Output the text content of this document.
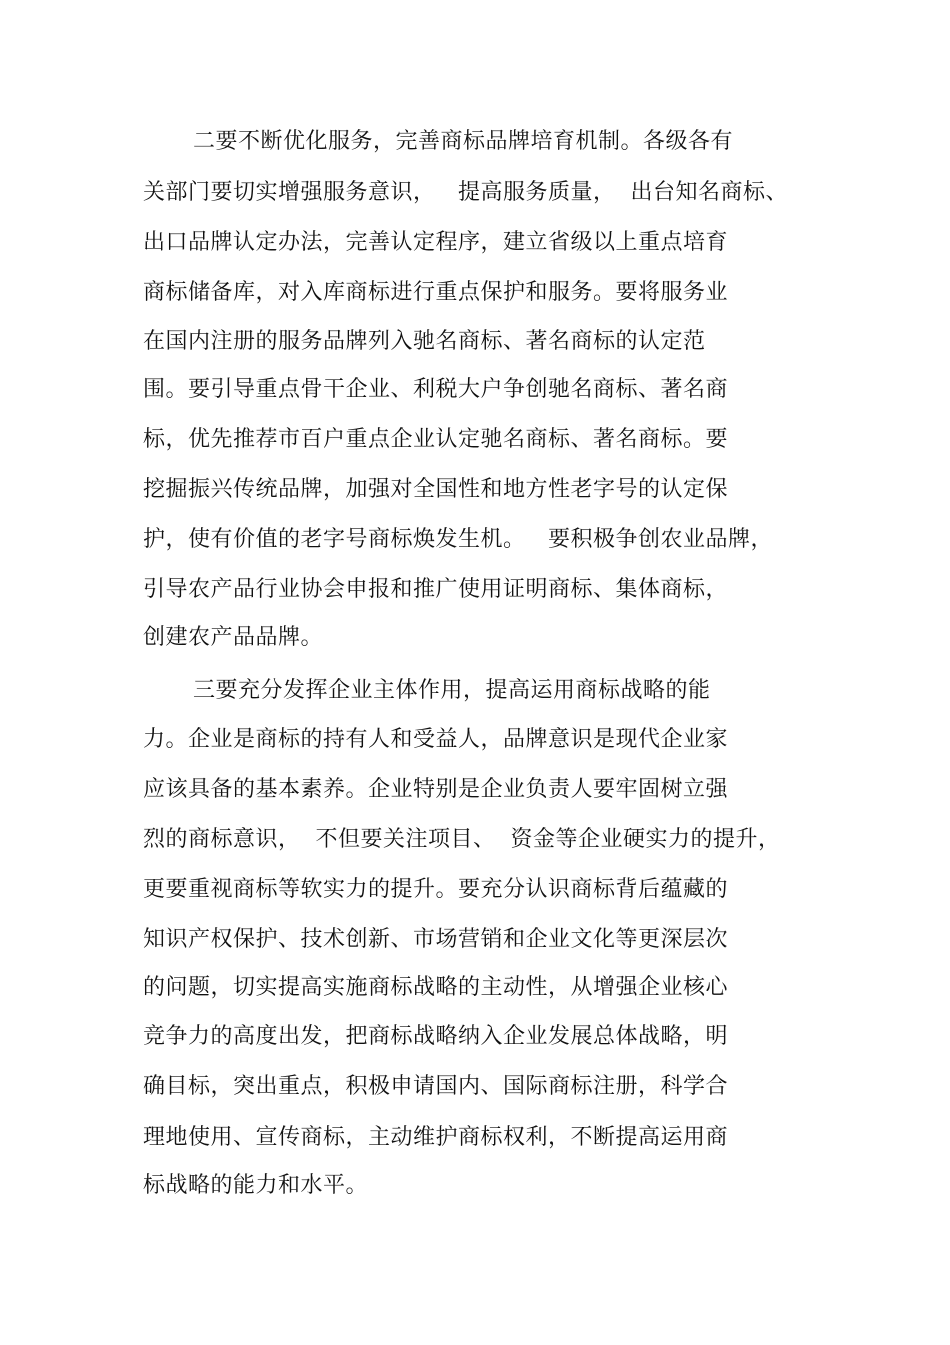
二要不断优化服务，完善商标品牌培育机制。各级各有
关部门要切实增强服务意识，   提高服务质量，  出台知名商标、
出口品牌认定办法，完善认定程序，建立省级以上重点培育
商标储备库，对入库商标进行重点保护和服务。要将服务业
在国内注册的服务品牌列入驰名商标、著名商标的认定范
围。要引导重点骨干企业、利税大户争创驰名商标、著名商
标，优先推荐市百户重点企业认定驰名商标、著名商标。要
挖掘振兴传统品牌，加强对全国性和地方性老字号的认定保
护，使有价值的老字号商标焕发生机。   要积极争创农业品牌，
引导农产品行业协会申报和推广使用证明商标、集体商标，
创建农产品品牌。
三要充分发挥企业主体作用，提高运用商标战略的能
力。企业是商标的持有人和受益人，品牌意识是现代企业家
应该具备的基本素养。企业特别是企业负责人要牢固树立强
烈的商标意识，  不但要关注项目、  资金等企业硬实力的提升，
更要重视商标等软实力的提升。要充分认识商标背后蕴藏的
知识产权保护、技术创新、市场营销和企业文化等更深层次
的问题，切实提高实施商标战略的主动性，从增强企业核心
竞争力的高度出发，把商标战略纳入企业发展总体战略，明
确目标，突出重点，积极申请国内、国际商标注册，科学合
理地使用、宣传商标，主动维护商标权利，不断提高运用商
标战略的能力和水平。
